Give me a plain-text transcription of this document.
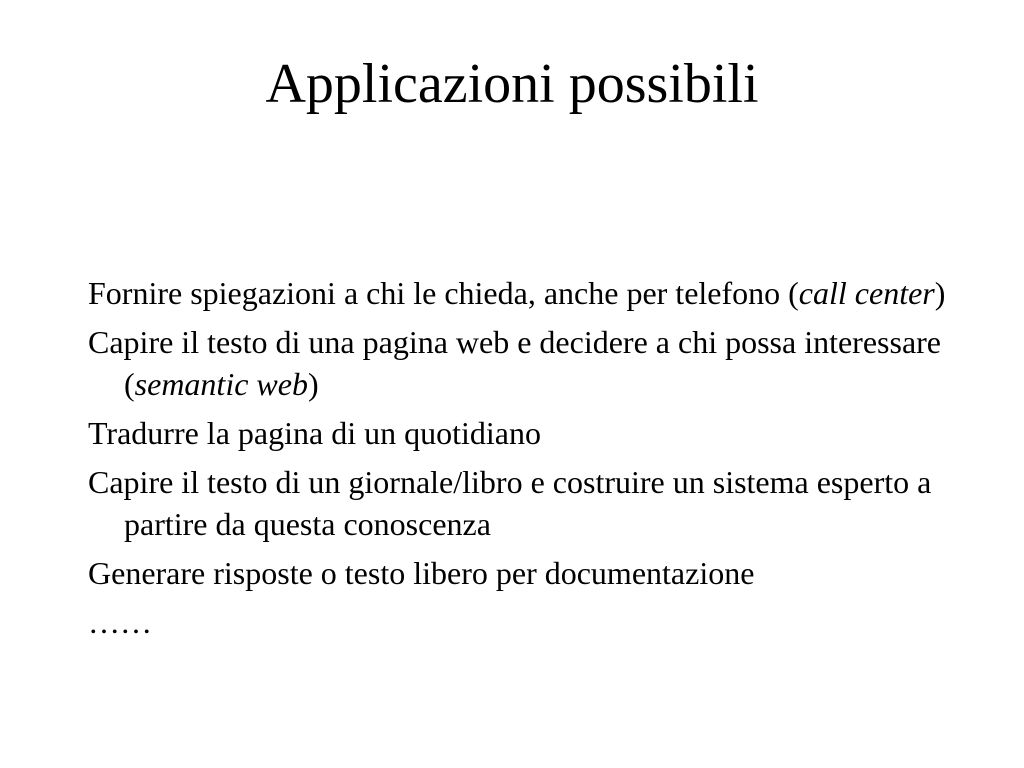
Applicazioni possibili
Fornire spiegazioni a chi le chieda, anche per telefono (call center)
Capire il testo di una pagina web e decidere a chi possa interessare (semantic web)
Tradurre la pagina di un quotidiano
Capire il testo di un giornale/libro e costruire un sistema esperto a partire da questa conoscenza
Generare risposte o testo libero per documentazione
……
